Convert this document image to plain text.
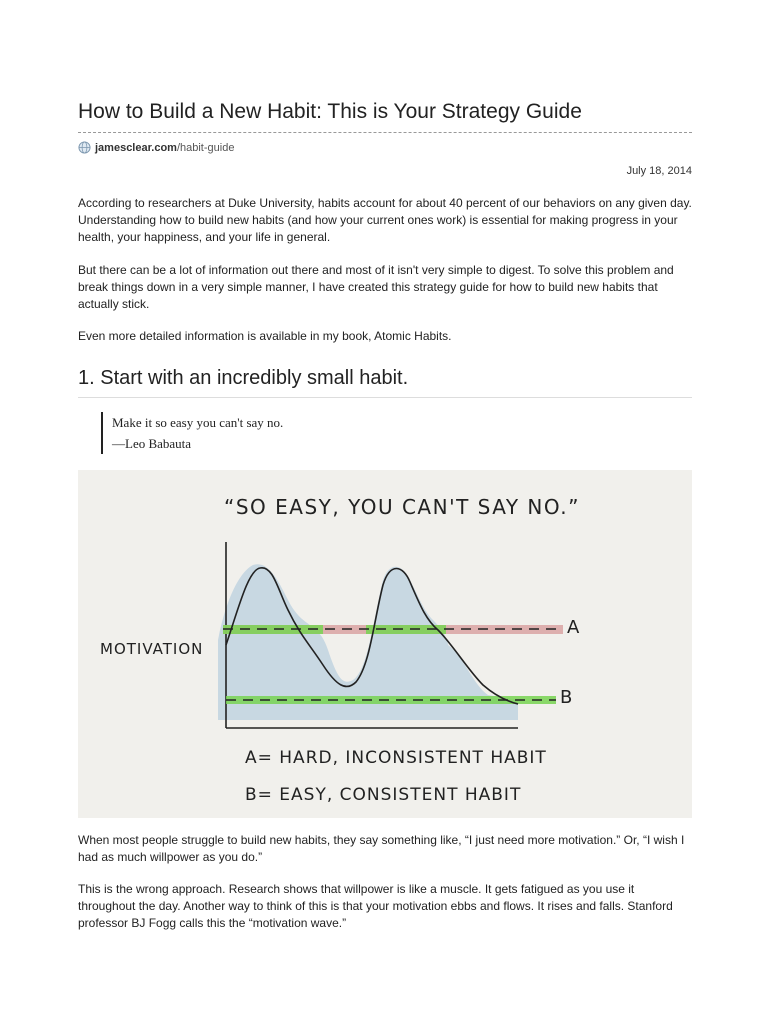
How to Build a New Habit: This is Your Strategy Guide
jamesclear.com /habit-guide
July 18, 2014

According to researchers at Duke University, habits account for about 40 percent of our behaviors on any given day. Understanding how to build new habits (and how your current ones work) is essential for making progress in your health, your happiness, and your life in general.

But there can be a lot of information out there and most of it isn't very simple to digest. To solve this problem and break things down in a very simple manner, I have created this strategy guide for how to build new habits that actually stick.

Even more detailed information is available in my book, Atomic Habits.

1. Start with an incredibly small habit.
Make it so easy you can't say no.
—Leo Babauta
“SO EASY, YOU CAN'T SAY NO.”
MOTIVATION
A
B
A= HARD, INCONSISTENT HABIT
B= EASY, CONSISTENT HABIT

When most people struggle to build new habits, they say something like, “I just need more motivation.” Or, “I wish I had as much willpower as you do.”

This is the wrong approach. Research shows that willpower is like a muscle. It gets fatigued as you use it throughout the day. Another way to think of this is that your motivation ebbs and flows. It rises and falls. Stanford professor BJ Fogg calls this the “motivation wave.”
